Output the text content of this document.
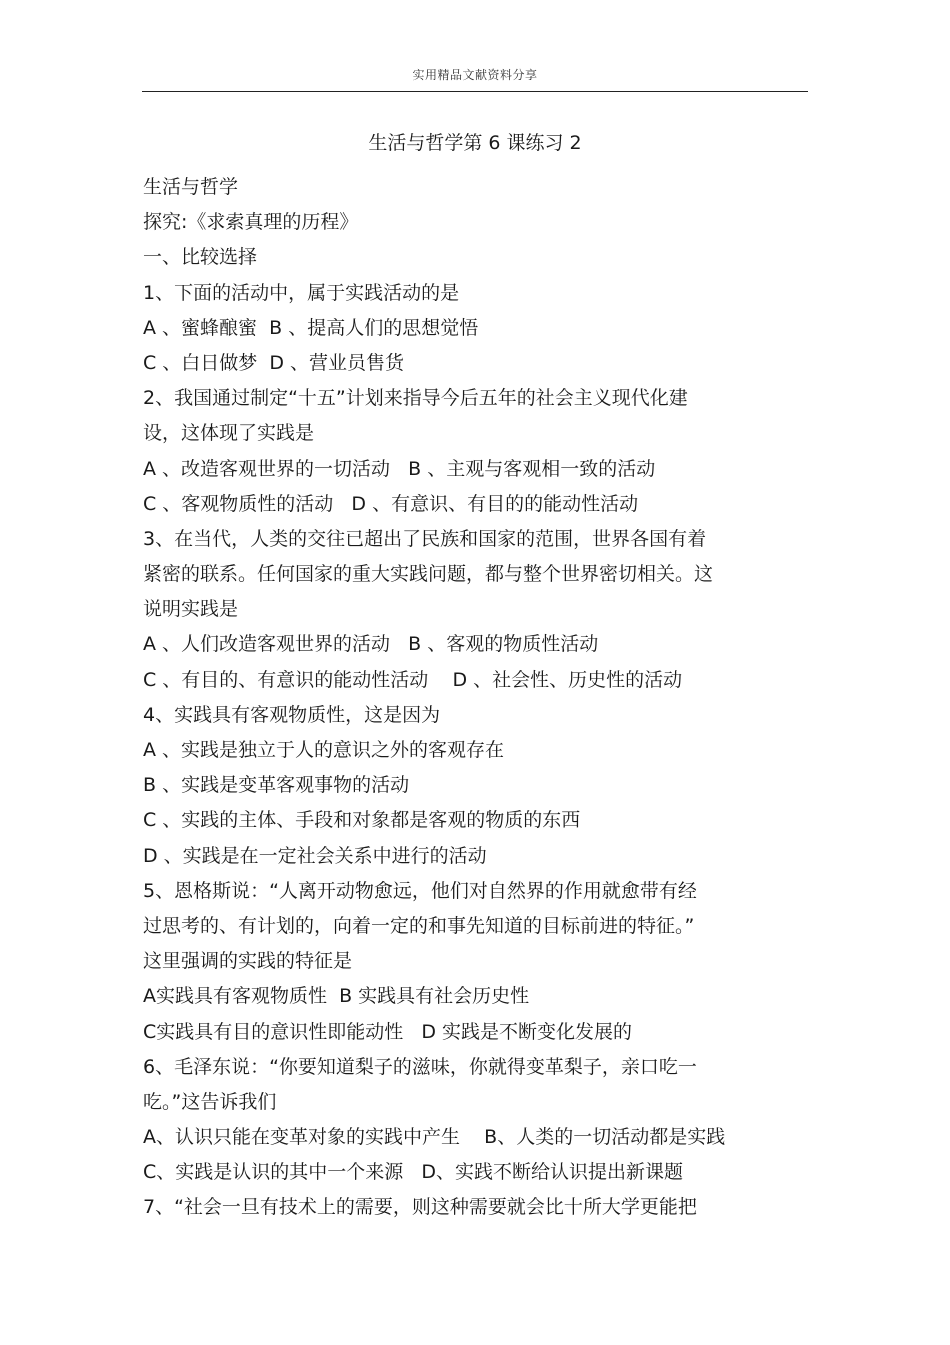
实用精品文献资料分享
生活与哲学第 6 课练习 2
生活与哲学
探究:《求索真理的历程》
一、比较选择
1、下面的活动中，属于实践活动的是
A 、蜜蜂酿蜜  B 、提高人们的思想觉悟
C 、白日做梦  D 、营业员售货
2、我国通过制定“十五”计划来指导今后五年的社会主义现代化建
设，这体现了实践是
A 、改造客观世界的一切活动   B 、主观与客观相一致的活动
C 、客观物质性的活动   D 、有意识、有目的的能动性活动
3、在当代，人类的交往已超出了民族和国家的范围，世界各国有着
紧密的联系。任何国家的重大实践问题，都与整个世界密切相关。这
说明实践是
A 、人们改造客观世界的活动   B 、客观的物质性活动
C 、有目的、有意识的能动性活动    D 、社会性、历史性的活动
4、实践具有客观物质性，这是因为
A 、实践是独立于人的意识之外的客观存在
B 、实践是变革客观事物的活动
C 、实践的主体、手段和对象都是客观的物质的东西
D 、实践是在一定社会关系中进行的活动
5、恩格斯说：“人离开动物愈远，他们对自然界的作用就愈带有经
过思考的、有计划的，向着一定的和事先知道的目标前进的特征。”
这里强调的实践的特征是
A实践具有客观物质性  B 实践具有社会历史性
C实践具有目的意识性即能动性   D 实践是不断变化发展的
6、毛泽东说：“你要知道梨子的滋味，你就得变革梨子，亲口吃一
吃。”这告诉我们
A、认识只能在变革对象的实践中产生    B、人类的一切活动都是实践
C、实践是认识的其中一个来源   D、实践不断给认识提出新课题
7、“社会一旦有技术上的需要，则这种需要就会比十所大学更能把
